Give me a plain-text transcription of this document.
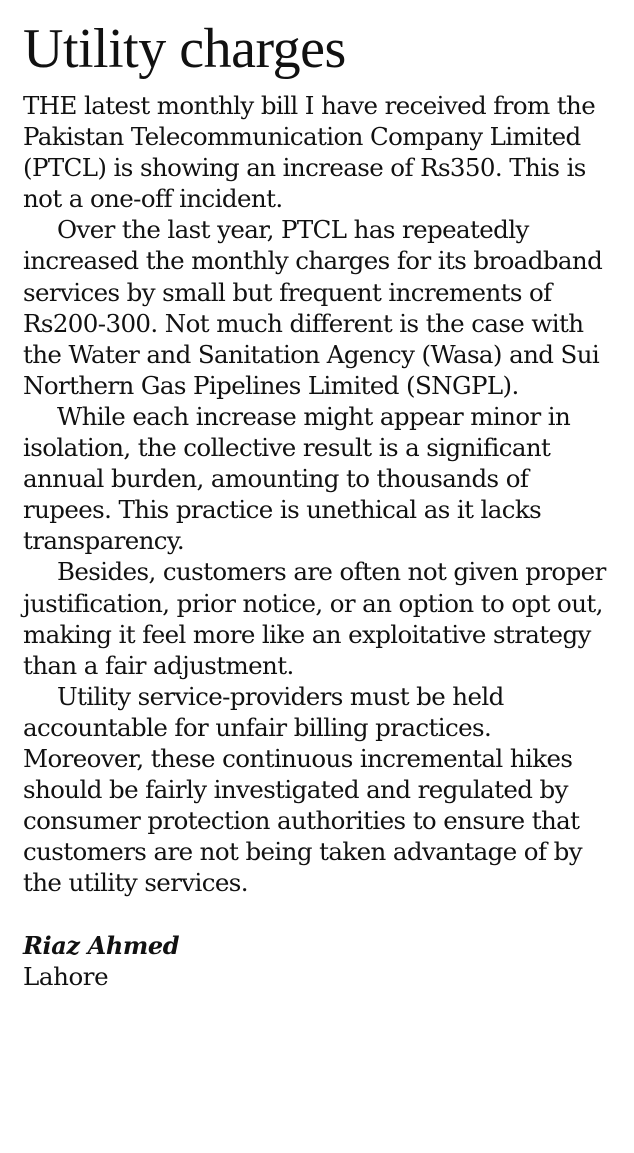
Utility charges

THE latest monthly bill I have received from the Pakistan Telecommunication Company Limited (PTCL) is showing an increase of Rs350. This is not a one-off incident.

Over the last year, PTCL has repeatedly increased the monthly charges for its broadband services by small but frequent increments of Rs200-300. Not much different is the case with the Water and Sanitation Agency (Wasa) and Sui Northern Gas Pipelines Limited (SNGPL).

While each increase might appear minor in isolation, the collective result is a significant annual burden, amounting to thousands of rupees. This practice is unethical as it lacks transparency.

Besides, customers are often not given proper justification, prior notice, or an option to opt out, making it feel more like an exploitative strategy than a fair adjustment.

Utility service-providers must be held accountable for unfair billing practices. Moreover, these continuous incremental hikes should be fairly investigated and regulated by consumer protection authorities to ensure that customers are not being taken advantage of by the utility services.

Riaz Ahmed
Lahore
